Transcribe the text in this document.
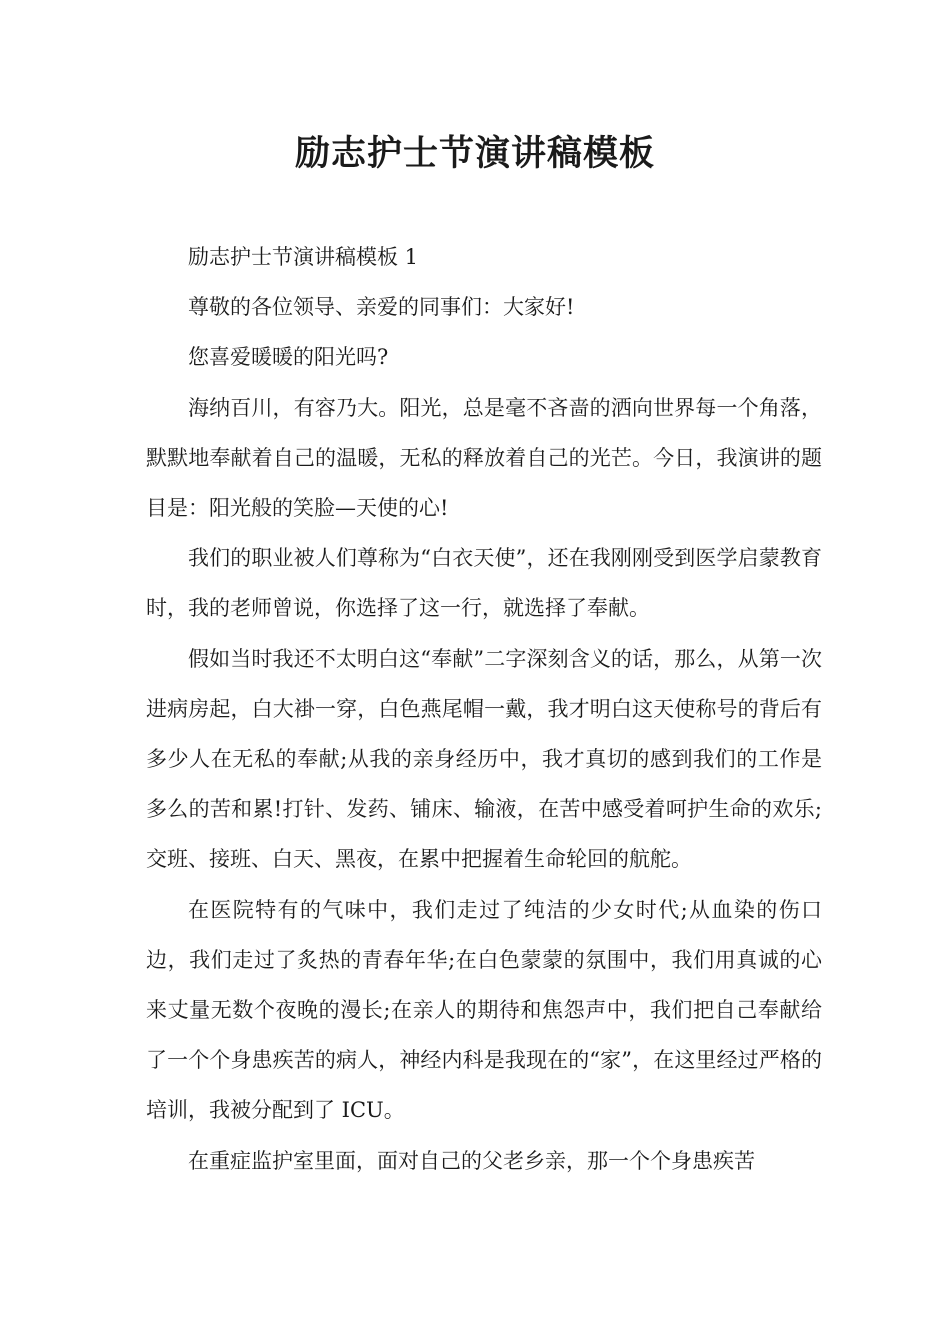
励志护士节演讲稿模板

励志护士节演讲稿模板 1

尊敬的各位领导、亲爱的同事们：大家好!

您喜爱暖暖的阳光吗?

海纳百川，有容乃大。阳光，总是毫不吝啬的洒向世界每一个角落，默默地奉献着自己的温暖，无私的释放着自己的光芒。今日，我演讲的题目是：阳光般的笑脸—天使的心!

我们的职业被人们尊称为“白衣天使”，还在我刚刚受到医学启蒙教育时，我的老师曾说，你选择了这一行，就选择了奉献。

假如当时我还不太明白这“奉献”二字深刻含义的话，那么，从第一次进病房起，白大褂一穿，白色燕尾帽一戴，我才明白这天使称号的背后有多少人在无私的奉献;从我的亲身经历中，我才真切的感到我们的工作是多么的苦和累!打针、发药、铺床、输液，在苦中感受着呵护生命的欢乐;交班、接班、白天、黑夜，在累中把握着生命轮回的航舵。

在医院特有的气味中，我们走过了纯洁的少女时代;从血染的伤口边，我们走过了炙热的青春年华;在白色蒙蒙的氛围中，我们用真诚的心来丈量无数个夜晚的漫长;在亲人的期待和焦怨声中，我们把自己奉献给了一个个身患疾苦的病人，神经内科是我现在的“家”，在这里经过严格的培训，我被分配到了 ICU。

在重症监护室里面，面对自己的父老乡亲，那一个个身患疾苦
